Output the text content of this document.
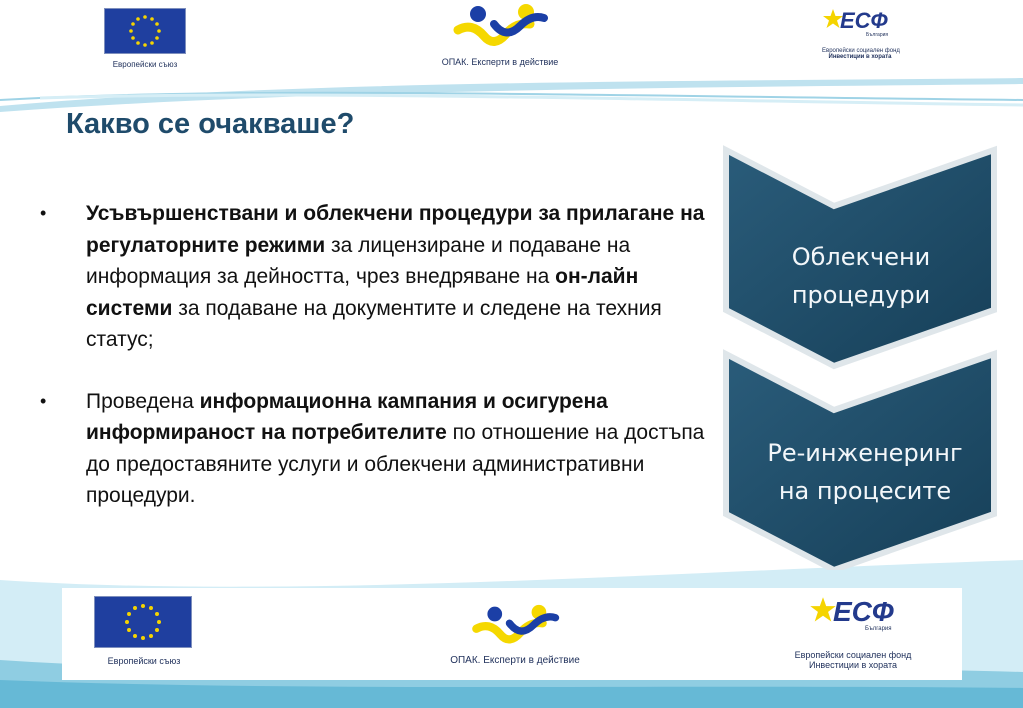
Европейски съюз	ОПАК. Експерти в действие
ЕСФ
България
Европейски социален фонд
Инвестиции в хората
Какво се очакваше?
•	Усъвършенствани и облекчени процедури за прилагане на регулаторните режими за лицензиране и подаване на информация за дейността, чрез внедряване на он-лайн системи за подаване на документите и следене на техния статус;
•	Проведена информационна кампания и осигурена информираност на потребителите по отношение на достъпа до предоставяните услуги и облекчени административни процедури.
Облекчени
процедури
Ре-инженеринг
на процесите
Европейски съюз	ОПАК. Експерти в действие
ЕСФ
България
Европейски социален фонд
Инвестиции в хората
